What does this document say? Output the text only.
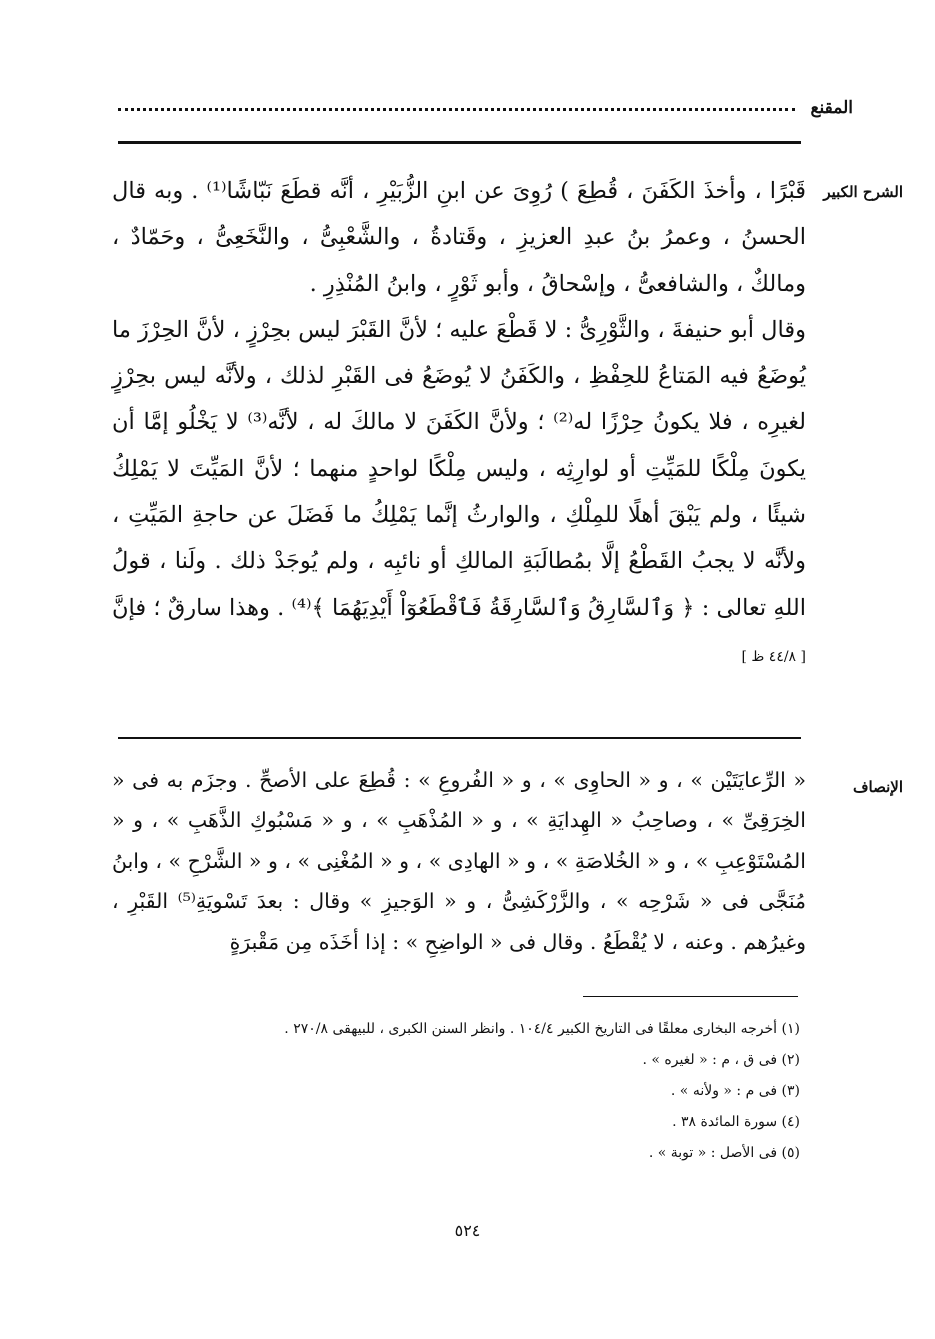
المقنع
الشرح الكبير

قَبْرًا ، وأخذَ الكَفَنَ ، قُطِعَ ) رُوِىَ عن ابنِ الزُّبَيْرِ ، أنَّه قطَعَ نَبّاشًا⁽¹⁾ . وبه قال الحسنُ ، وعمرُ بنُ عبدِ العزيزِ ، وقَتادةُ ، والشَّعْبِىُّ ، والنَّخَعِىُّ ، وحَمّادٌ ، ومالكٌ ، والشافعىُّ ، وإسْحاقُ ، وأبو ثَوْرٍ ، وابنُ المُنْذِرِ .

وقال أبو حنيفةَ ، والثَّوْرِىُّ : لا قَطْعَ عليه ؛ لأنَّ القَبْرَ ليس بحِرْزٍ ، لأنَّ الحِرْزَ ما يُوضَعُ فيه المَتاعُ للحِفْظِ ، والكَفَنُ لا يُوضَعُ فى القَبْرِ لذلك ، ولأنَّه ليس بحِرْزٍ لغيرِه ، فلا يكونُ حِرْزًا له⁽²⁾ ؛ ولأنَّ الكَفَنَ لا مالكَ له ، لأنَّه⁽³⁾ لا يَخْلُو إمَّا أن يكونَ مِلْكًا للمَيِّتِ أو لوارِثِه ، وليس مِلْكًا لواحدٍ منهما ؛ لأنَّ المَيِّتَ لا يَمْلِكُ شيئًا ، ولم يَبْقَ أهلًا للمِلْكِ ، والوارثُ إنَّما يَمْلِكُ ما فَضَلَ عن حاجةِ المَيِّتِ ، ولأنَّه لا يجبُ القَطْعُ إلَّا بمُطالَبَةِ المالكِ أو نائبِه ، ولم يُوجَدْ ذلك . ولَنا ، قولُ اللهِ تعالى : ﴿ وَٱلسَّارِقُ وَٱلسَّارِقَةُ فَٱقْطَعُوٓاْ أَيْدِيَهُمَا ﴾⁽⁴⁾ . وهذا سارقٌ ؛ فإنَّ [ ٤٤/٨ ظ ]

الإنصاف

« الرِّعايَتَيْن » ، و « الحاوِى » ، و « الفُروعِ » : قُطِعَ على الأصحِّ . وجزَم به فى « الخِرَقِىِّ » ، وصاحِبُ « الهِدايَةِ » ، و « المُذْهَبِ » ، و « مَسْبُوكِ الذَّهَبِ » ، و « المُسْتَوْعِبِ » ، و « الخُلاصَةِ » ، و « الهادِى » ، و « المُغْنِى » ، و « الشَّرْحِ » ، وابنُ مُنَجَّى فى « شَرْحِه » ، والزَّرْكَشِىُّ ، و « الوَجيزِ » وقال : بعدَ تَسْويَةِ⁽⁵⁾ القَبْرِ ، وغيرُهم . وعنه ، لا يُقْطَعُ . وقال فى « الواضِحِ » : إذا أخَذَه مِن مَقْبرَةٍ

(١) أخرجه البخارى معلقًا فى التاريخ الكبير ١٠٤/٤ . وانظر السنن الكبرى ، للبيهقى ٢٧٠/٨ .
(٢) فى ق ، م : « لغيره » .
(٣) فى م : « ولأنه » .
(٤) سورة المائدة ٣٨ .
(٥) فى الأصل : « توبة » .
٥٢٤
